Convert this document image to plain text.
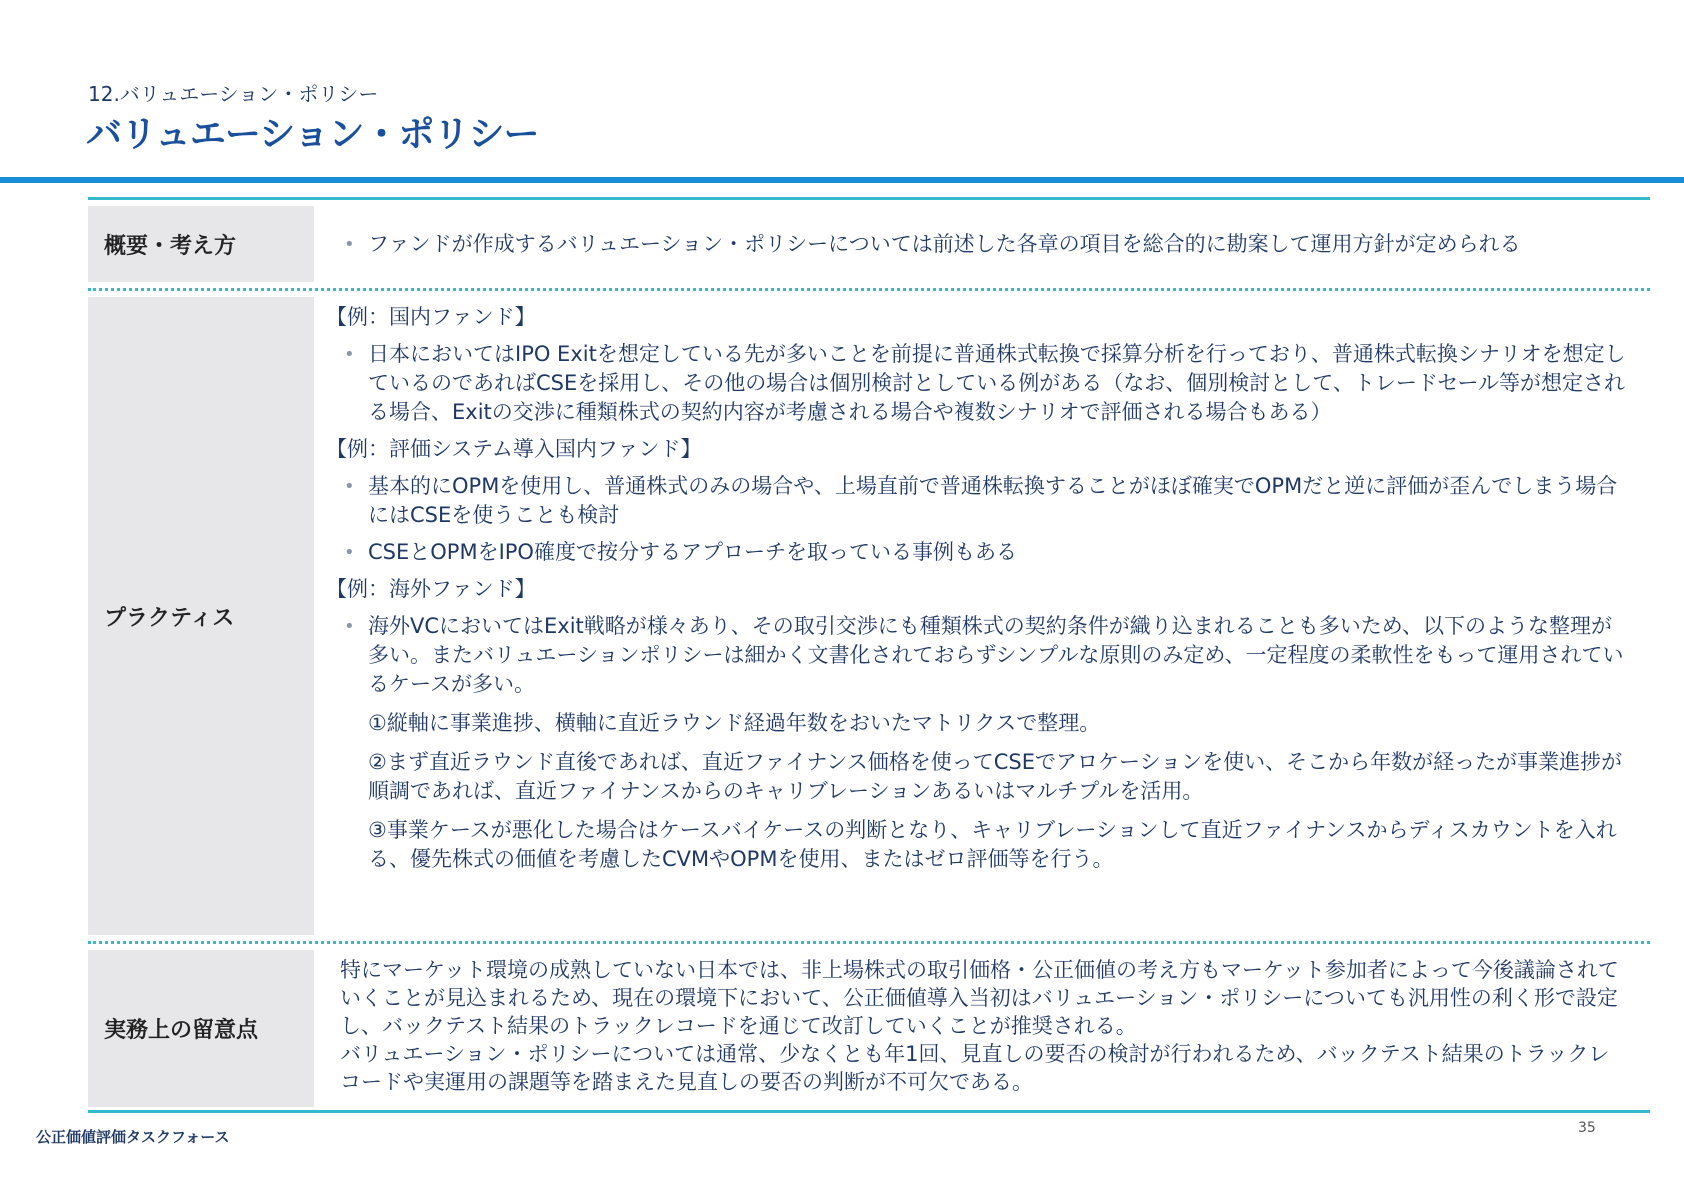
12.バリュエーション・ポリシー
バリュエーション・ポリシー
概要・考え方
•	ファンドが作成するバリュエーション・ポリシーについては前述した各章の項目を総合的に勘案して運用方針が定められる
プラクティス
【例：国内ファンド】
• 日本においてはIPO Exitを想定している先が多いことを前提に普通株式転換で採算分析を行っており、普通株式転換シナリオを想定しているのであればCSEを採用し、その他の場合は個別検討としている例がある（なお、個別検討として、トレードセール等が想定される場合、Exitの交渉に種類株式の契約内容が考慮される場合や複数シナリオで評価される場合もある）
【例：評価システム導入国内ファンド】
• 基本的にOPMを使用し、普通株式のみの場合や、上場直前で普通株転換することがほぼ確実でOPMだと逆に評価が歪んでしまう場合にはCSEを使うことも検討
• CSEとOPMをIPO確度で按分するアプローチを取っている事例もある
【例：海外ファンド】
• 海外VCにおいてはExit戦略が様々あり、その取引交渉にも種類株式の契約条件が織り込まれることも多いため、以下のような整理が多い。またバリュエーションポリシーは細かく文書化されておらずシンプルな原則のみ定め、一定程度の柔軟性をもって運用されているケースが多い。
①縦軸に事業進捗、横軸に直近ラウンド経過年数をおいたマトリクスで整理。
②まず直近ラウンド直後であれば、直近ファイナンス価格を使ってCSEでアロケーションを使い、そこから年数が経ったが事業進捗が順調であれば、直近ファイナンスからのキャリブレーションあるいはマルチプルを活用。
③事業ケースが悪化した場合はケースバイケースの判断となり、キャリブレーションして直近ファイナンスからディスカウントを入れる、優先株式の価値を考慮したCVMやOPMを使用、またはゼロ評価等を行う。
実務上の留意点
特にマーケット環境の成熟していない日本では、非上場株式の取引価格・公正価値の考え方もマーケット参加者によって今後議論されていくことが見込まれるため、現在の環境下において、公正価値導入当初はバリュエーション・ポリシーについても汎用性の利く形で設定し、バックテスト結果のトラックレコードを通じて改訂していくことが推奨される。
バリュエーション・ポリシーについては通常、少なくとも年1回、見直しの要否の検討が行われるため、バックテスト結果のトラックレコードや実運用の課題等を踏まえた見直しの要否の判断が不可欠である。
公正価値評価タスクフォース	35
